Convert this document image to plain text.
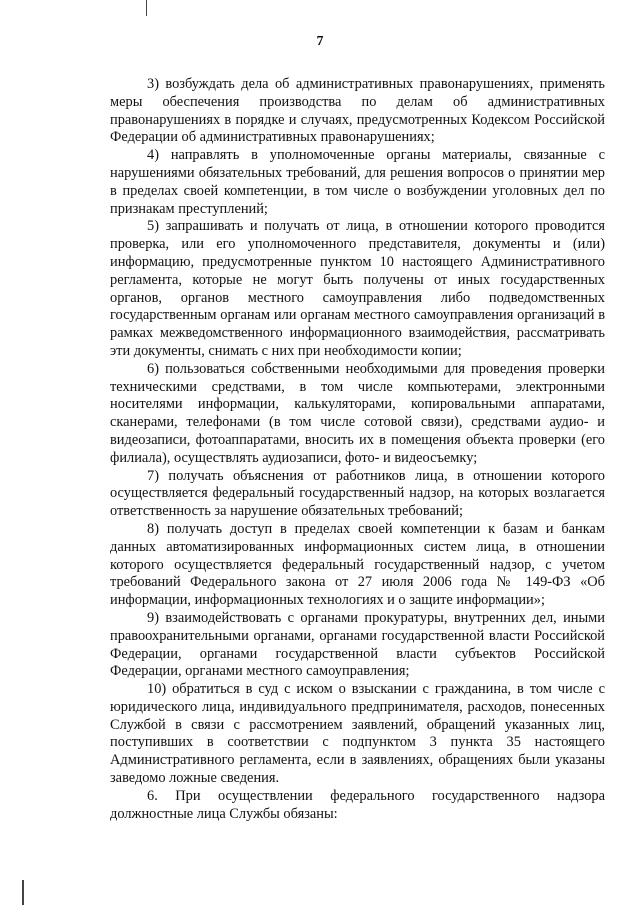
7

3) возбуждать дела об административных правонарушениях, применять меры обеспечения производства по делам об административных правонарушениях в порядке и случаях, предусмотренных Кодексом Российской Федерации об административных правонарушениях;

4) направлять в уполномоченные органы материалы, связанные с нарушениями обязательных требований, для решения вопросов о принятии мер в пределах своей компетенции, в том числе о возбуждении уголовных дел по признакам преступлений;

5) запрашивать и получать от лица, в отношении которого проводится проверка, или его уполномоченного представителя, документы и (или) информацию, предусмотренные пунктом 10 настоящего Административного регламента, которые не могут быть получены от иных государственных органов, органов местного самоуправления либо подведомственных государственным органам или органам местного самоуправления организаций в рамках межведомственного информационного взаимодействия, рассматривать эти документы, снимать с них при необходимости копии;

6) пользоваться собственными необходимыми для проведения проверки техническими средствами, в том числе компьютерами, электронными носителями информации, калькуляторами, копировальными аппаратами, сканерами, телефонами (в том числе сотовой связи), средствами аудио- и видеозаписи, фотоаппаратами, вносить их в помещения объекта проверки (его филиала), осуществлять аудиозаписи, фото- и видеосъемку;

7) получать объяснения от работников лица, в отношении которого осуществляется федеральный государственный надзор, на которых возлагается ответственность за нарушение обязательных требований;

8) получать доступ в пределах своей компетенции к базам и банкам данных автоматизированных информационных систем лица, в отношении которого осуществляется федеральный государственный надзор, с учетом требований Федерального закона от 27 июля 2006 года № 149-ФЗ «Об информации, информационных технологиях и о защите информации»;

9) взаимодействовать с органами прокуратуры, внутренних дел, иными правоохранительными органами, органами государственной власти Российской Федерации, органами государственной власти субъектов Российской Федерации, органами местного самоуправления;

10) обратиться в суд с иском о взыскании с гражданина, в том числе с юридического лица, индивидуального предпринимателя, расходов, понесенных Службой в связи с рассмотрением заявлений, обращений указанных лиц, поступивших в соответствии с подпунктом 3 пункта 35 настоящего Административного регламента, если в заявлениях, обращениях были указаны заведомо ложные сведения.

6. При осуществлении федерального государственного надзора должностные лица Службы обязаны:
